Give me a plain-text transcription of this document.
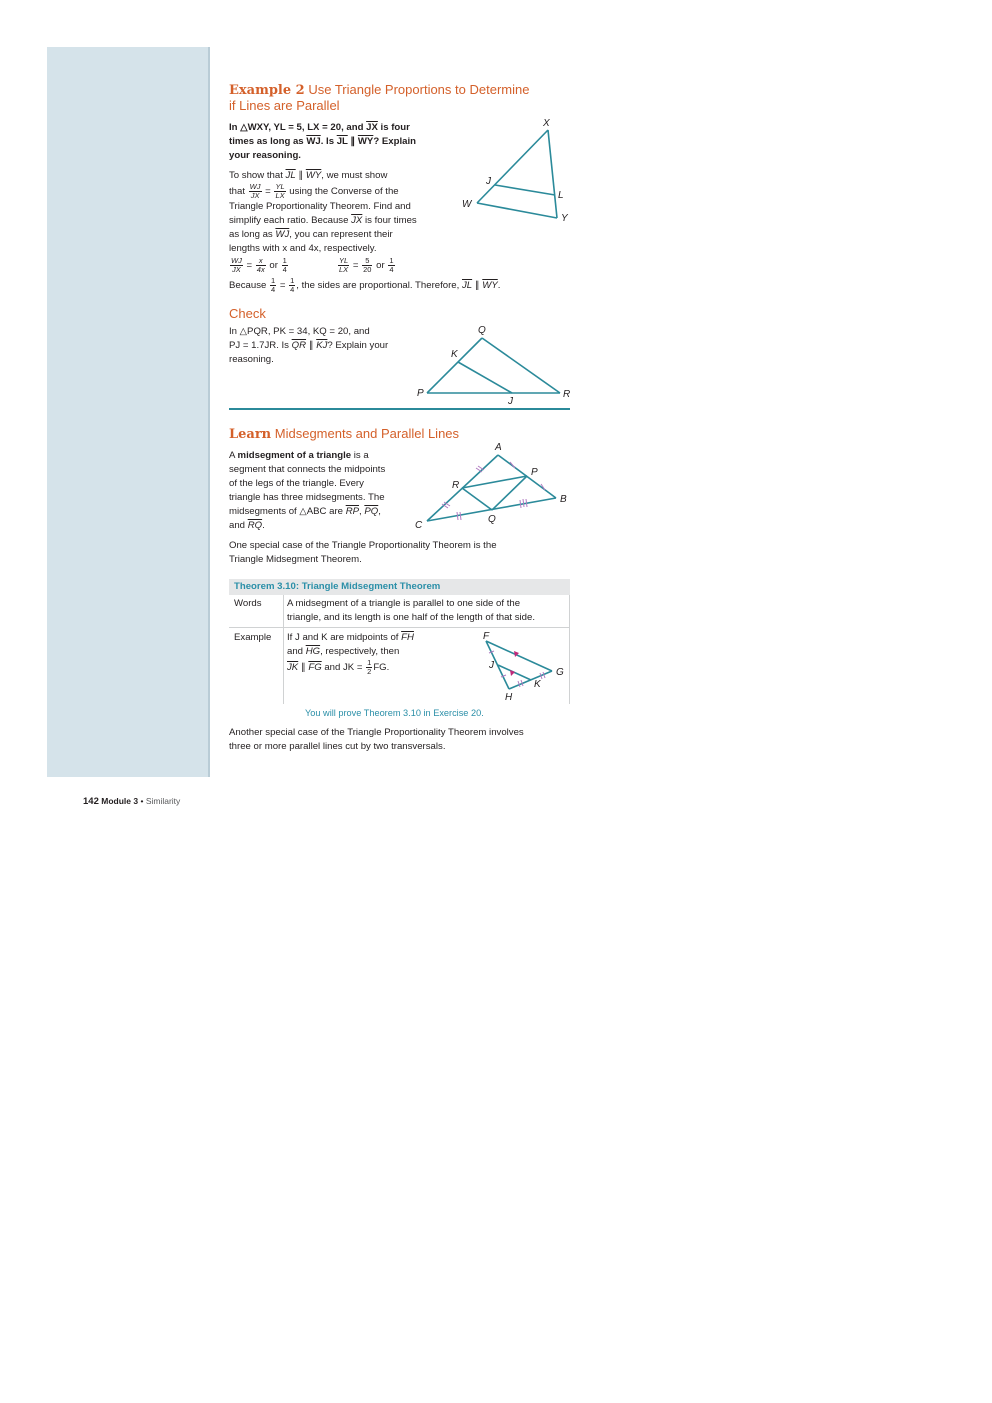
Example 2 Use Triangle Proportions to Determine
if Lines are Parallel
In △WXY, YL = 5, LX = 20, and $\overline{JX}$ is four
times as long as $\overline{WJ}$. Is $\overline{JL}$ ∥ $\overline{WY}$? Explain
your reasoning.
To show that $\overline{JL}$ ∥ $\overline{WY}$, we must show
that $\frac{WJ}{JX} = \frac{YL}{LX}$ using the Converse of the
Triangle Proportionality Theorem. Find and
simplify each ratio. Because $\overline{JX}$ is four times
as long as $\overline{WJ}$, you can represent their
lengths with x and 4x, respectively.
$\frac{WJ}{JX} = \frac{x}{4x}$ or $\frac{1}{4}$	$\frac{YL}{LX} = \frac{5}{20}$ or $\frac{1}{4}$
Because $\frac{1}{4} = \frac{1}{4}$ , the sides are proportional. Therefore, $\overline{JL}$ ∥ $\overline{WY}$.
X
J
L
W
Y
Check
In △PQR, PK = 34, KQ = 20, and
PJ = 1.7JR. Is $\overline{QR}$ ∥ $\overline{KJ}$? Explain your
reasoning.
Q
K
P
J
R
Learn Midsegments and Parallel Lines
A midsegment of a triangle is a
segment that connects the midpoints
of the legs of the triangle. Every
triangle has three midsegments. The
midsegments of △ABC are $\overline{RP}$, $\overline{PQ}$,
and $\overline{RQ}$.
A
P
R
B
C
Q
One special case of the Triangle Proportionality Theorem is the
Triangle Midsegment Theorem.
Theorem 3.10: Triangle Midsegment Theorem
Words	A midsegment of a triangle is parallel to one side of the
triangle, and its length is one half of the length of that side.
Example If J and K are midpoints of $\overline{FH}$
and $\overline{HG}$, respectively, then
$\overline{JK}$ ∥ $\overline{FG}$ and JK = $\frac{1}{2}$ FG.
F
J
G
K
H
You will prove Theorem 3.10 in Exercise 20.
Another special case of the Triangle Proportionality Theorem involves
three or more parallel lines cut by two transversals.
142 Module 3 • Similarity
